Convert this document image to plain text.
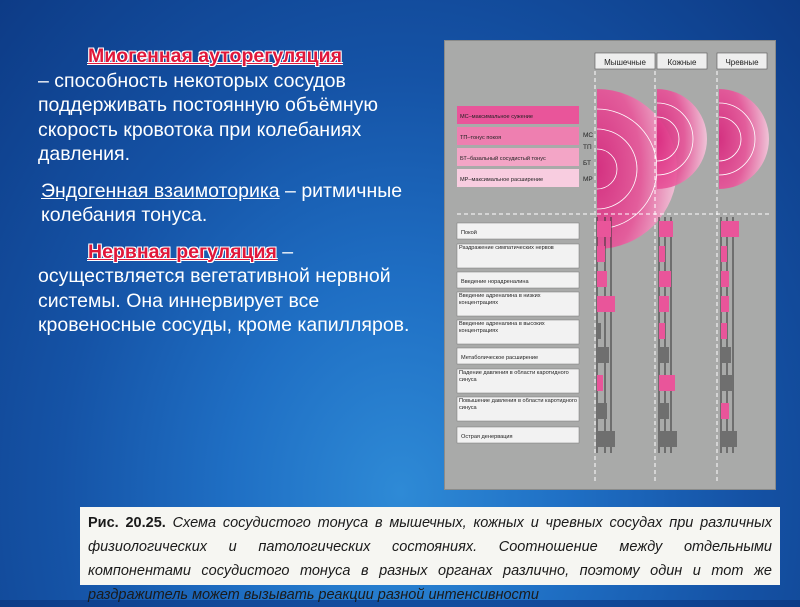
Миогенная ауторегуляция

– способность некоторых сосудов поддерживать постоянную объёмную скорость кровотока при колебаниях давления.

Эндогенная взаимоторика – ритмичные колебания тонуса.

Нервная регуляция – осуществляется вегетативной нервной системы. Она иннервирует все кровеносные сосуды, кроме капилляров.

Мышечные	Кожные	Чревные
МС–максимальное сужение
ТП–тонус покоя
БТ–базальный сосудистый тонус
МР–максимальное расширение
МС
ТП
БТ
МР
Покой
Раздражение симпатических нервов
Введение норадреналина
Введение адреналина в низких концентрациях
Введение адреналина в высоких концентрациях
Метаболическое расширение
Падение давления в области каротидного синуса
Повышение давления в области каротидного синуса
Острая денервация
Рис. 20.25. Схема сосудистого тонуса в мышечных, кожных и чревных сосудах при различных физиологических и патологических состояниях. Соотношение между отдельными компонентами сосудистого тонуса в разных органах различно, поэтому один и тот же раздражитель может вызывать реакции разной интенсивности
